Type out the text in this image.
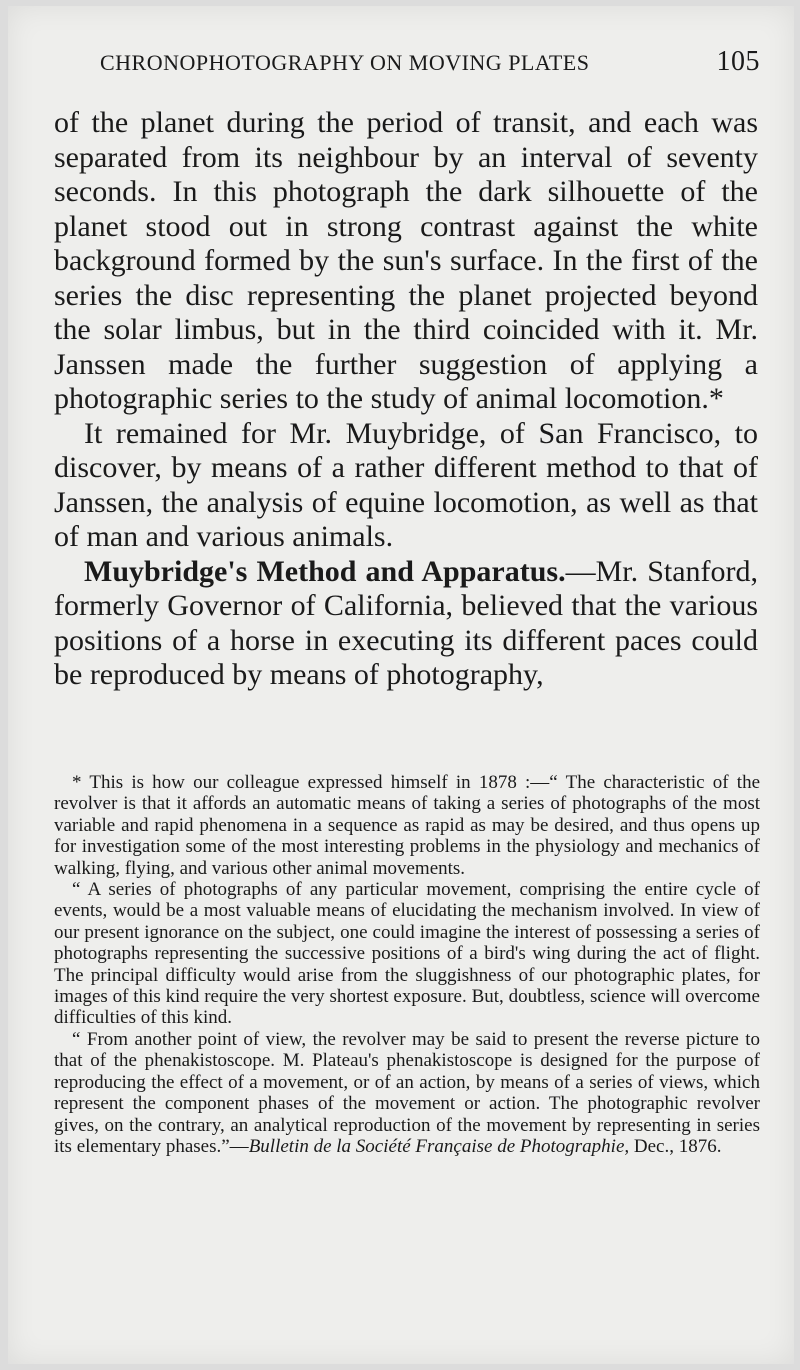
CHRONOPHOTOGRAPHY ON MOVING PLATES	105

of the planet during the period of transit, and each was separated from its neighbour by an interval of seventy seconds. In this photograph the dark silhouette of the planet stood out in strong contrast against the white background formed by the sun's surface. In the first of the series the disc representing the planet projected beyond the solar limbus, but in the third coincided with it. Mr. Janssen made the further suggestion of applying a photographic series to the study of animal locomotion.*

It remained for Mr. Muybridge, of San Francisco, to discover, by means of a rather different method to that of Janssen, the analysis of equine locomotion, as well as that of man and various animals.

Muybridge's Method and Apparatus.—Mr. Stanford, formerly Governor of California, believed that the various positions of a horse in executing its different paces could be reproduced by means of photography,

* This is how our colleague expressed himself in 1878 :—“ The characteristic of the revolver is that it affords an automatic means of taking a series of photographs of the most variable and rapid phenomena in a sequence as rapid as may be desired, and thus opens up for investigation some of the most interesting problems in the physiology and mechanics of walking, flying, and various other animal movements.

“ A series of photographs of any particular movement, comprising the entire cycle of events, would be a most valuable means of elucidating the mechanism involved. In view of our present ignorance on the subject, one could imagine the interest of possessing a series of photographs representing the successive positions of a bird's wing during the act of flight. The principal difficulty would arise from the sluggishness of our photographic plates, for images of this kind require the very shortest exposure. But, doubtless, science will overcome difficulties of this kind.

“ From another point of view, the revolver may be said to present the reverse picture to that of the phenakistoscope. M. Plateau's phenakistoscope is designed for the purpose of reproducing the effect of a movement, or of an action, by means of a series of views, which represent the component phases of the movement or action. The photographic revolver gives, on the contrary, an analytical reproduction of the movement by representing in series its elementary phases.”—Bulletin de la Société Française de Photographie, Dec., 1876.
